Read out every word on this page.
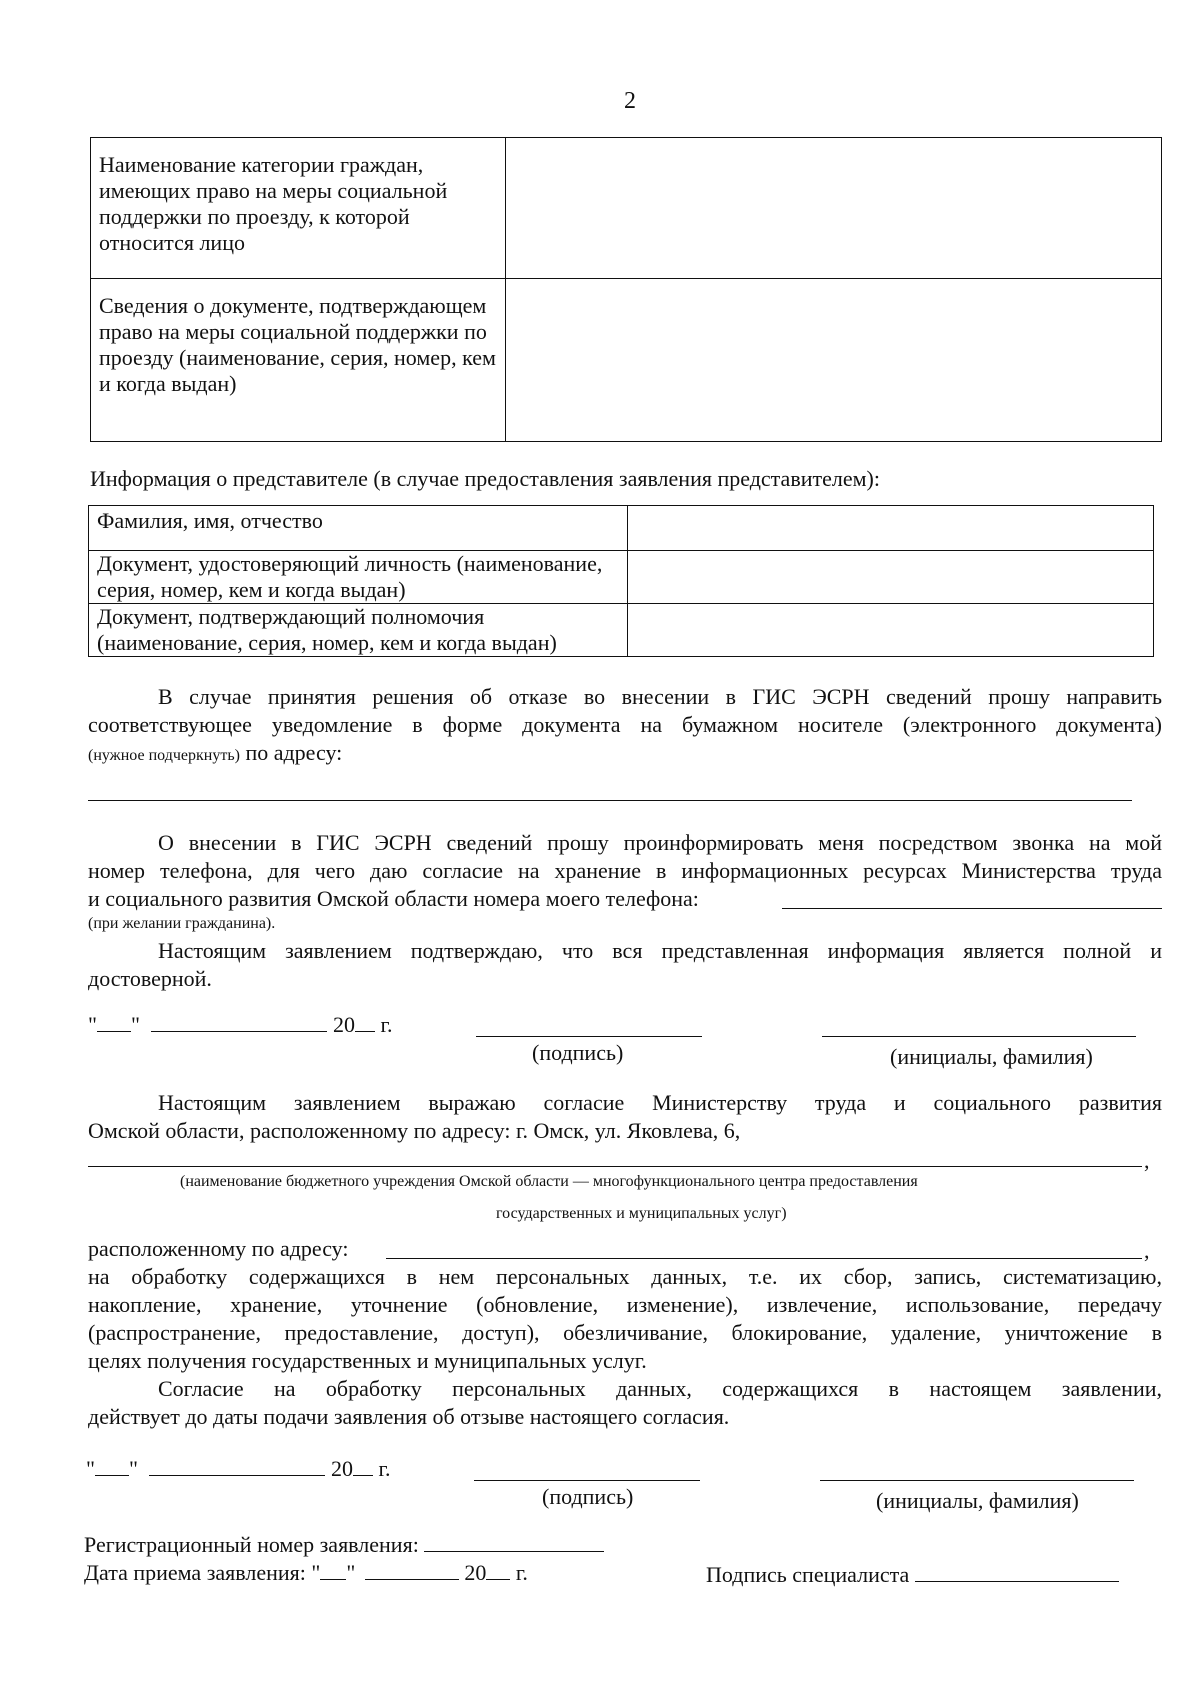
2
Наименование категории граждан, имеющих право на меры социальной поддержки по проезду, к которой относится лицо	
Сведения о документе, подтверждающем право на меры социальной поддержки по проезду (наименование, серия, номер, кем и когда выдан)	
Информация о представителе (в случае предоставления заявления представителем):
Фамилия, имя, отчество	
Документ, удостоверяющий личность (наименование, серия, номер, кем и когда выдан)	
Документ, подтверждающий полномочия (наименование, серия, номер, кем и когда выдан)	
В случае принятия решения об отказе во внесении в ГИС ЭСРН сведений прошу направить
соответствующее уведомление в форме документа на бумажном носителе (электронного документа)
(нужное подчеркнуть) по адресу:
О внесении в ГИС ЭСРН сведений прошу проинформировать меня посредством звонка на мой
номер телефона, для чего даю согласие на хранение в информационных ресурсах Министерства труда
и социального развития Омской области номера моего телефона:
(при желании гражданина).
Настоящим заявлением подтверждаю, что вся представленная информация является полной и
достоверной.
" "	20 г.
(подпись)	(инициалы, фамилия)
Настоящим заявлением выражаю согласие Министерству труда и социального развития
Омской области, расположенному по адресу: г. Омск, ул. Яковлева, 6,
,
(наименование бюджетного учреждения Омской области — многофункционального центра предоставления
государственных и муниципальных услуг)
расположенному по адресу:	,
на обработку содержащихся в нем персональных данных, т.е. их сбор, запись, систематизацию,
накопление, хранение, уточнение (обновление, изменение), извлечение, использование, передачу
(распространение, предоставление, доступ), обезличивание, блокирование, удаление, уничтожение в
целях получения государственных и муниципальных услуг.
Согласие на обработку персональных данных, содержащихся в настоящем заявлении,
действует до даты подачи заявления об отзыве настоящего согласия.
" "	20 г.
(подпись)	(инициалы, фамилия)
Регистрационный номер заявления:
Дата приема заявления: " "	20 г.	Подпись специалиста
